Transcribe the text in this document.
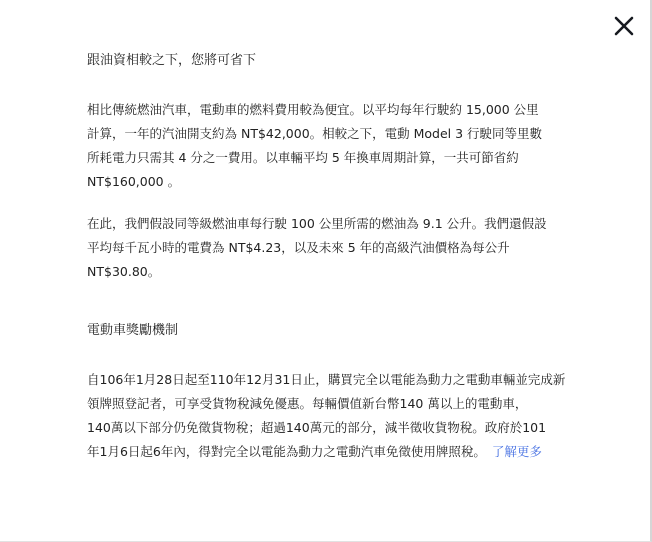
跟油資相較之下，您將可省下

相比傳統燃油汽車，電動車的燃料費用較為便宜。以平均每年行駛約 15,000 公里
計算，一年的汽油開支約為 NT$42,000。相較之下，電動 Model 3 行駛同等里數
所耗電力只需其 4 分之一費用。以車輛平均 5 年換車周期計算，一共可節省約
NT$160,000 。

在此，我們假設同等級燃油車每行駛 100 公里所需的燃油為 9.1 公升。我們還假設
平均每千瓦小時的電費為 NT$4.23，以及未來 5 年的高級汽油價格為每公升
NT$30.80。

電動車獎勵機制

自106年1月28日起至110年12月31日止，購買完全以電能為動力之電動車輛並完成新
領牌照登記者，可享受貨物稅減免優惠。每輛價值新台幣140 萬以上的電動車，
140萬以下部分仍免徵貨物稅；超過140萬元的部分，減半徵收貨物稅。政府於101
年1月6日起6年內，得對完全以電能為動力之電動汽車免徵使用牌照稅。 了解更多
